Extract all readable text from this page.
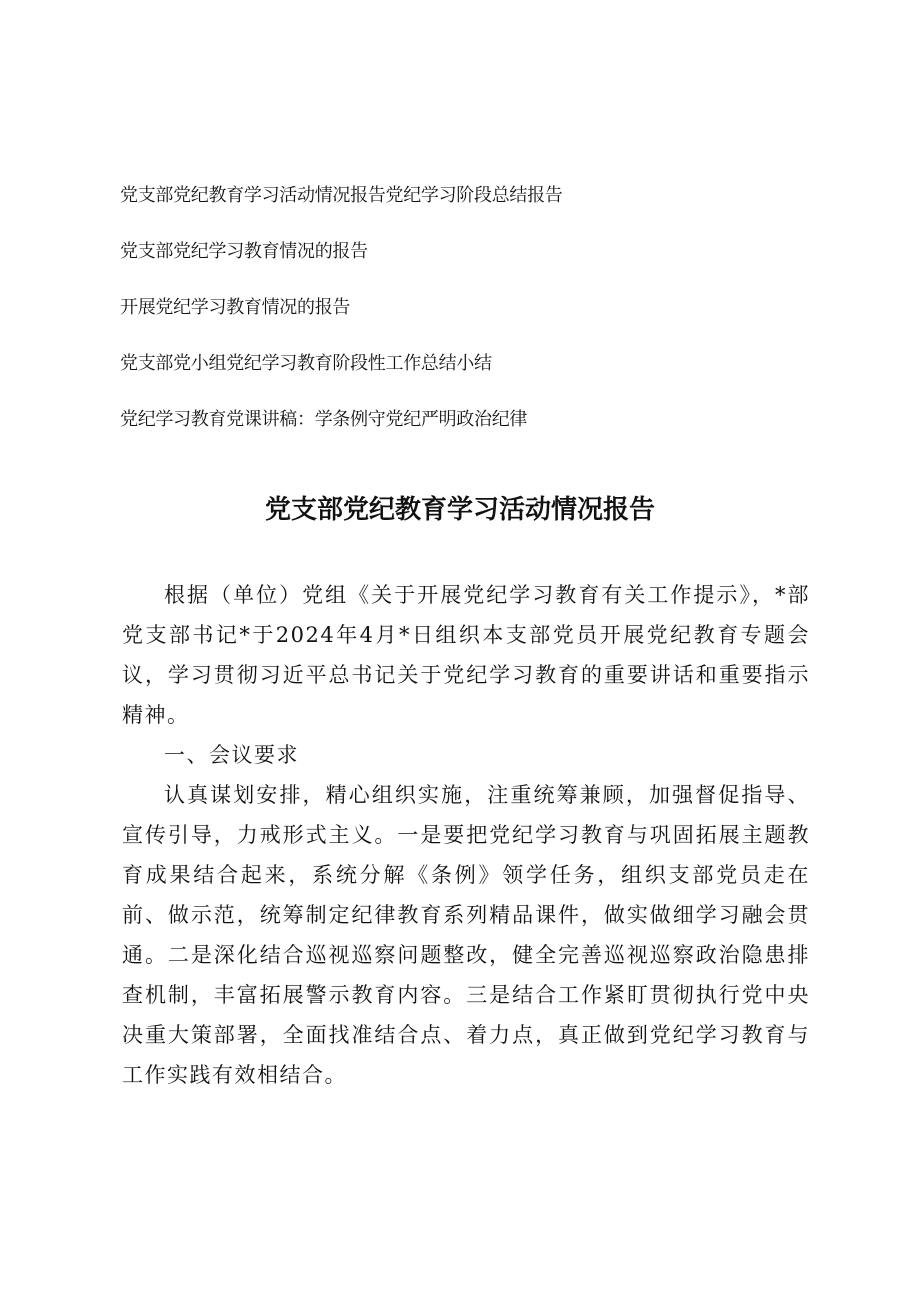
党支部党纪教育学习活动情况报告党纪学习阶段总结报告

党支部党纪学习教育情况的报告

开展党纪学习教育情况的报告

党支部党小组党纪学习教育阶段性工作总结小结

党纪学习教育党课讲稿：学条例守党纪严明政治纪律

党支部党纪教育学习活动情况报告

根据（单位）党组《关于开展党纪学习教育有关工作提示》，*部党支部书记*于2024年4月*日组织本支部党员开展党纪教育专题会议，学习贯彻习近平总书记关于党纪学习教育的重要讲话和重要指示精神。

一、会议要求

认真谋划安排，精心组织实施，注重统筹兼顾，加强督促指导、宣传引导，力戒形式主义。一是要把党纪学习教育与巩固拓展主题教育成果结合起来，系统分解《条例》领学任务，组织支部党员走在前、做示范，统筹制定纪律教育系列精品课件，做实做细学习融会贯通。二是深化结合巡视巡察问题整改，健全完善巡视巡察政治隐患排查机制，丰富拓展警示教育内容。三是结合工作紧盯贯彻执行党中央决重大策部署，全面找准结合点、着力点，真正做到党纪学习教育与工作实践有效相结合。
